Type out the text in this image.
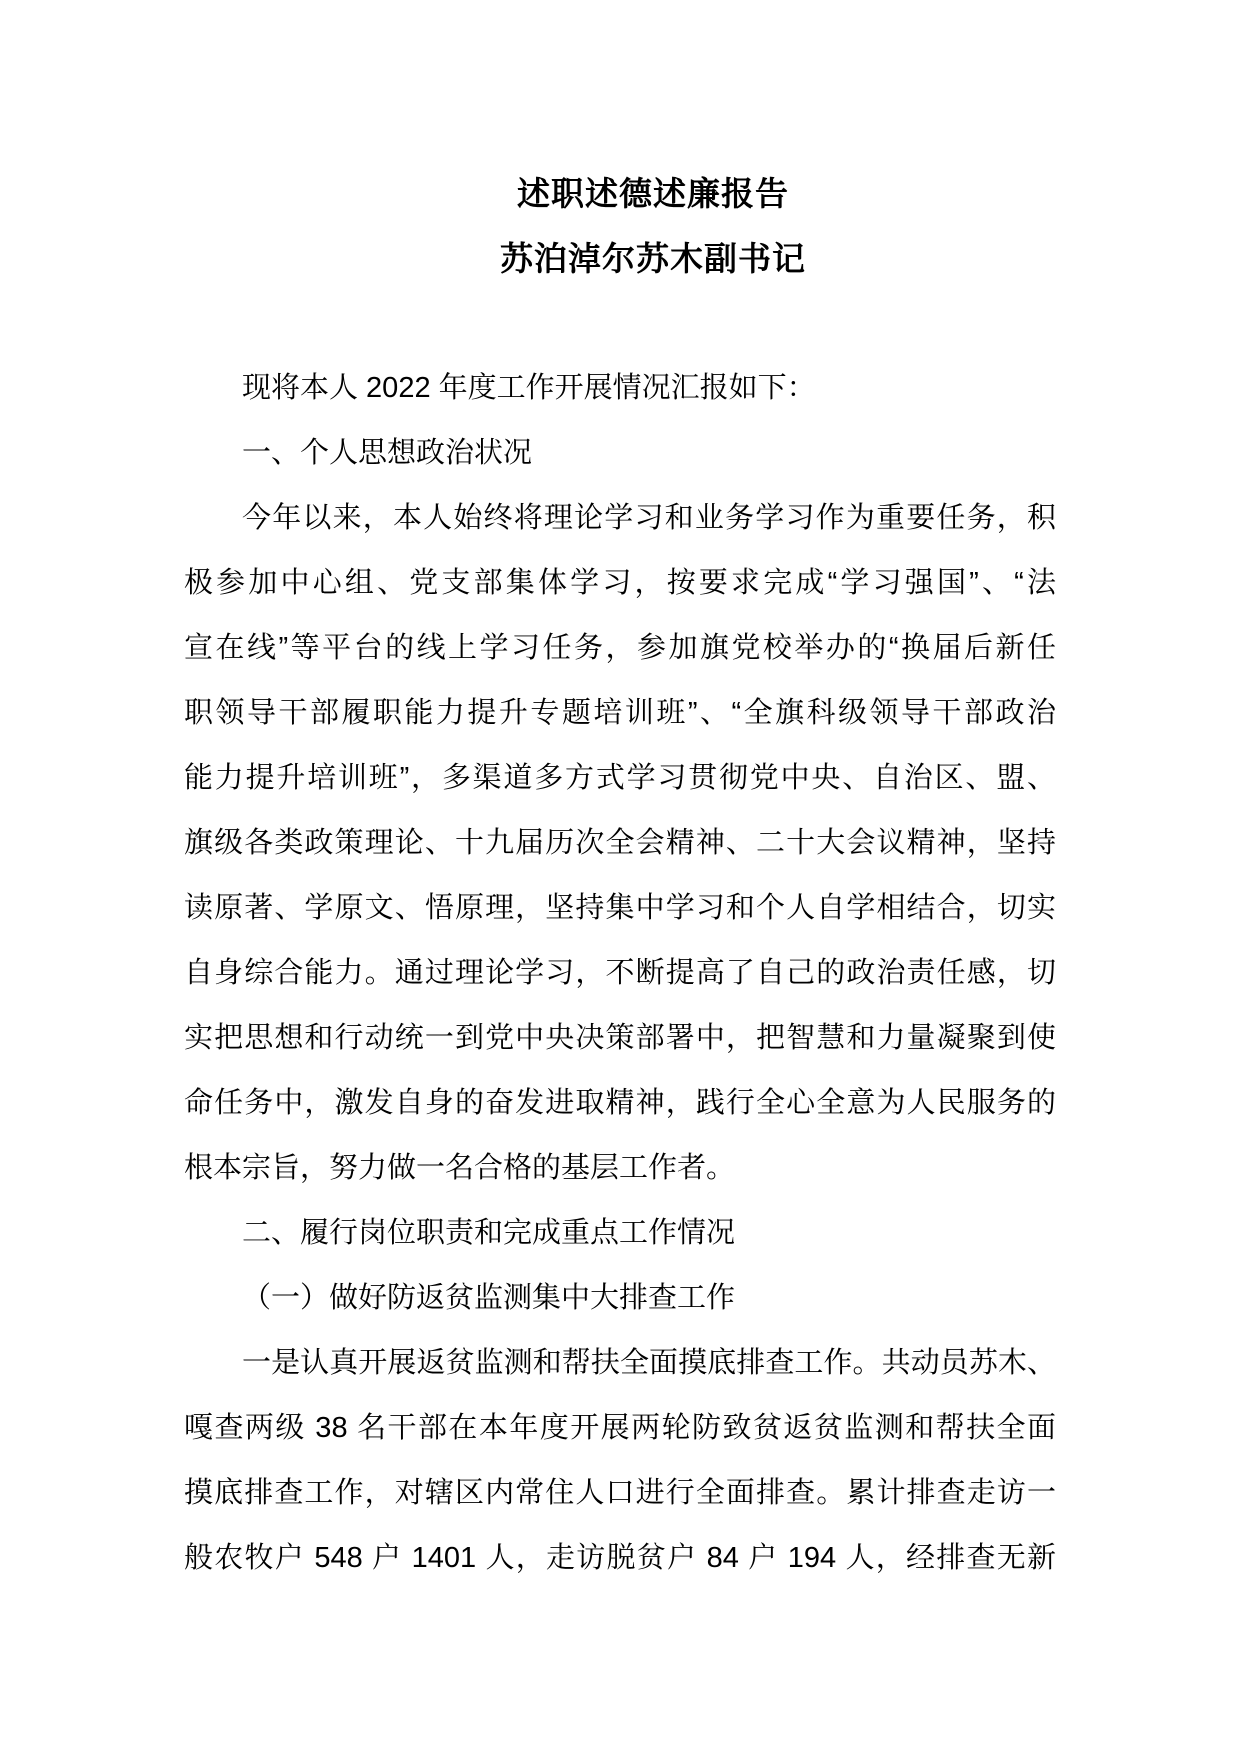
述职述德述廉报告
苏泊淖尔苏木副书记
现将本人 2022 年度工作开展情况汇报如下：
一、个人思想政治状况
今年以来，本人始终将理论学习和业务学习作为重要任务，积
极参加中心组、党支部集体学习，按要求完成“学习强国”、“法
宣在线”等平台的线上学习任务，参加旗党校举办的“换届后新任
职领导干部履职能力提升专题培训班”、“全旗科级领导干部政治
能力提升培训班”，多渠道多方式学习贯彻党中央、自治区、盟、
旗级各类政策理论、十九届历次全会精神、二十大会议精神，坚持
读原著、学原文、悟原理，坚持集中学习和个人自学相结合，切实
自身综合能力。通过理论学习，不断提高了自己的政治责任感，切
实把思想和行动统一到党中央决策部署中，把智慧和力量凝聚到使
命任务中，激发自身的奋发进取精神，践行全心全意为人民服务的
根本宗旨，努力做一名合格的基层工作者。
二、履行岗位职责和完成重点工作情况
（一）做好防返贫监测集中大排查工作
一是认真开展返贫监测和帮扶全面摸底排查工作。共动员苏木、
嘎查两级 38 名干部在本年度开展两轮防致贫返贫监测和帮扶全面
摸底排查工作，对辖区内常住人口进行全面排查。累计排查走访一
般农牧户 548 户 1401 人，走访脱贫户 84 户 194 人，经排查无新
